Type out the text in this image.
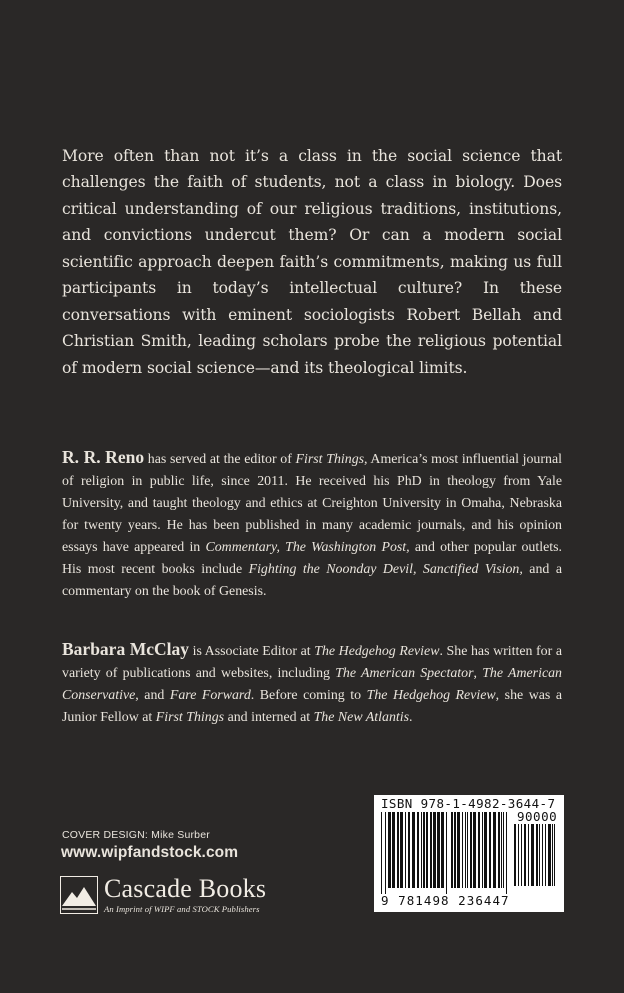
More often than not it’s a class in the social science that challenges the faith of students, not a class in biology. Does critical understanding of our religious traditions, institutions, and convictions undercut them? Or can a modern social scientific approach deepen faith’s commitments, making us full participants in today’s intellectual culture? In these conversations with eminent sociologists Robert Bellah and Christian Smith, leading scholars probe the religious potential of modern social science—and its theological limits.

R. R. Reno has served at the editor of First Things, America’s most influential journal of religion in public life, since 2011. He received his PhD in theology from Yale University, and taught theology and ethics at Creighton University in Omaha, Nebraska for twenty years. He has been published in many academic journals, and his opinion essays have appeared in Commentary, The Washington Post, and other popular outlets. His most recent books include Fighting the Noonday Devil, Sanctified Vision, and a commentary on the book of Genesis.
Barbara McClay is Associate Editor at The Hedgehog Review. She has written for a variety of publications and websites, including The American Spectator, The American Conservative, and Fare Forward. Before coming to The Hedgehog Review, she was a Junior Fellow at First Things and interned at The New Atlantis.
COVER DESIGN: Mike Surber
www.wipfandstock.com
Cascade Books
An Imprint of WIPF and STOCK Publishers
ISBN 978-1-4982-3644-7
90000
9 781498 236447
